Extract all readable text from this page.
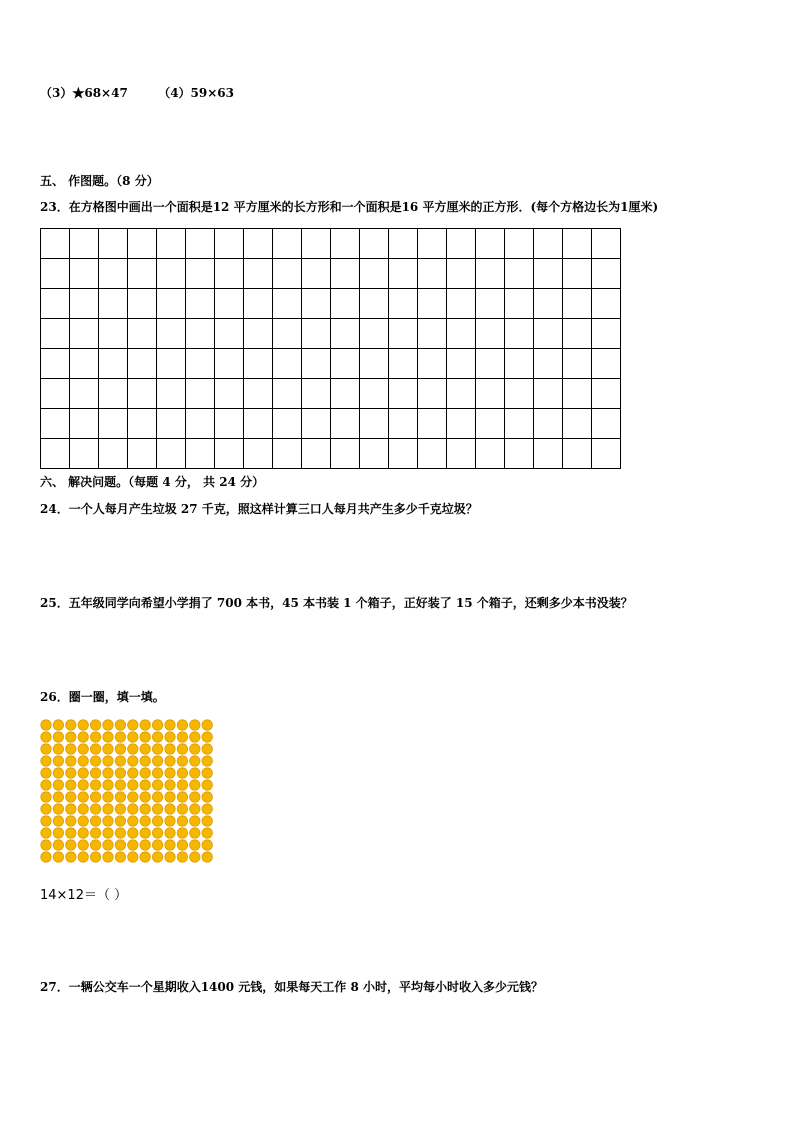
（3）★68×47	（4）59×63
五、 作图题。（8 分）
23．在方格图中画出一个面积是12 平方厘米的长方形和一个面积是16 平方厘米的正方形．(每个方格边长为1厘米)

六、 解决问题。（每题 4 分， 共 24 分）
24．一个人每月产生垃圾 27 千克，照这样计算三口人每月共产生多少千克垃圾？
25．五年级同学向希望小学捐了 700 本书，45 本书装 1 个箱子，正好装了 15 个箱子，还剩多少本书没装？
26．圈一圈，填一填。
14×12＝（ ）
27．一辆公交车一个星期收入1400 元钱，如果每天工作 8 小时，平均每小时收入多少元钱？
